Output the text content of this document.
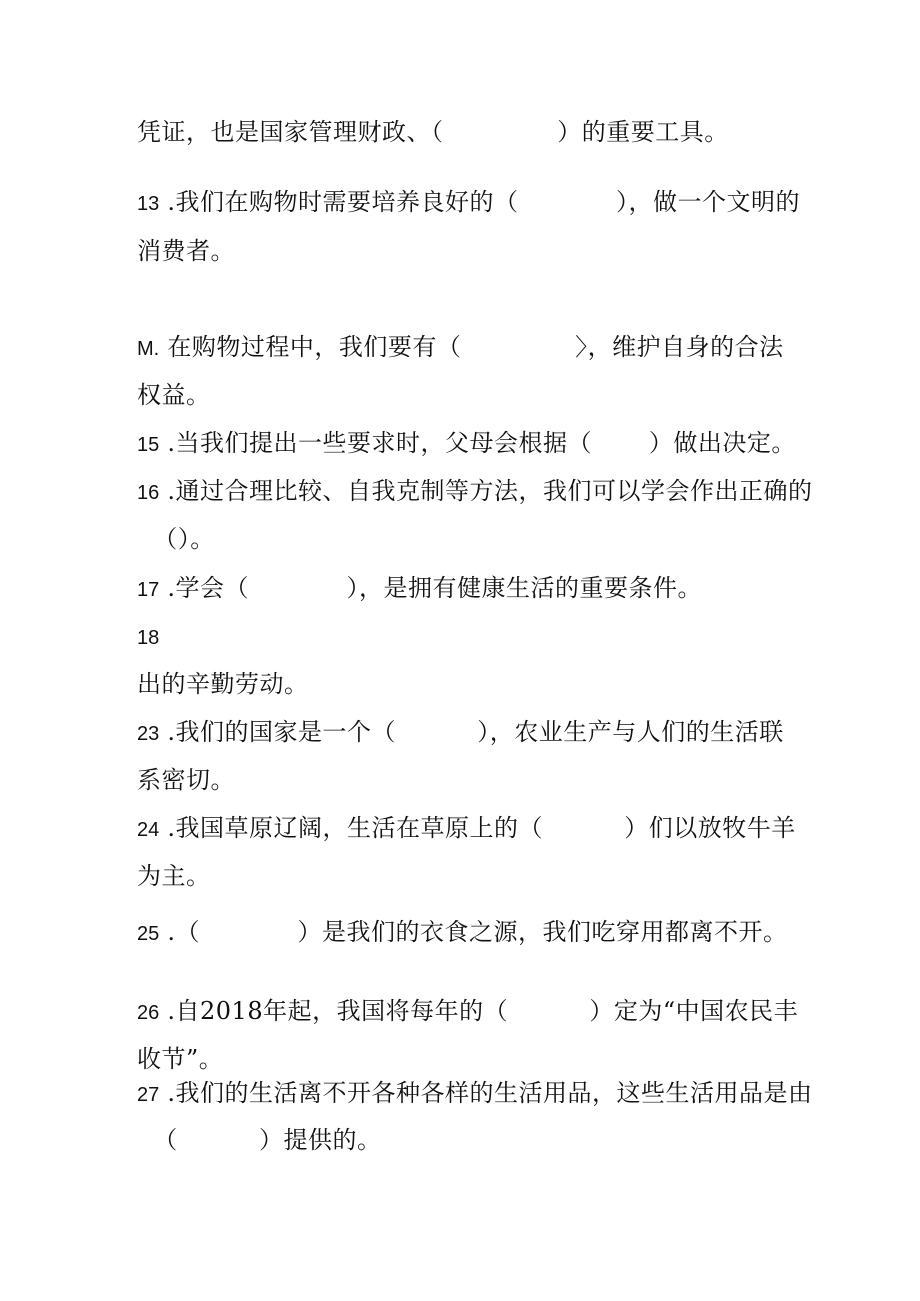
凭证，也是国家管理财政、（              ）的重要工具。
13 .我们在购物时需要培养良好的（            ），做一个文明的
消费者。
M. 在购物过程中，我们要有（              〉，维护自身的合法
权益。
15 .当我们提出一些要求时，父母会根据（       ）做出决定。
16 .通过合理比较、自我克制等方法，我们可以学会作出正确的
（）。
17 .学会（            ），是拥有健康生活的重要条件。
18
出的辛勤劳动。
23 .我们的国家是一个（          ），农业生产与人们的生活联
系密切。
24 .我国草原辽阔，生活在草原上的（          ）们以放牧牛羊
为主。
25 .（            ）是我们的衣食之源，我们吃穿用都离不开。
26 .自2018年起，我国将每年的（          ）定为“中国农民丰
收节”。
27 .我们的生活离不开各种各样的生活用品，这些生活用品是由
（          ）提供的。
